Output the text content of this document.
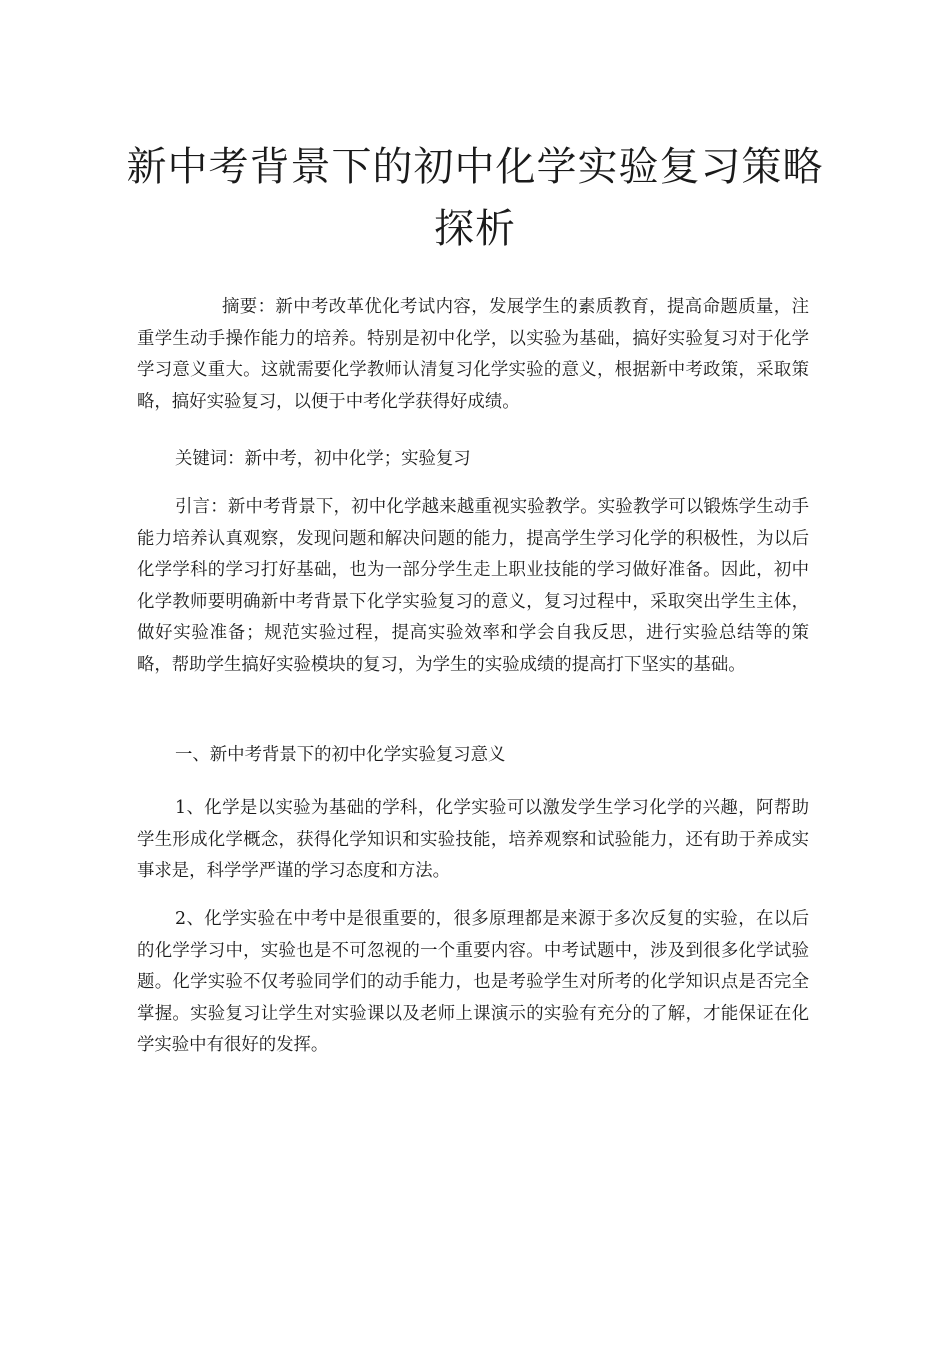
新中考背景下的初中化学实验复习策略探析

摘要：新中考改革优化考试内容，发展学生的素质教育，提高命题质量，注重学生动手操作能力的培养。特别是初中化学，以实验为基础，搞好实验复习对于化学学习意义重大。这就需要化学教师认清复习化学实验的意义，根据新中考政策，采取策略，搞好实验复习，以便于中考化学获得好成绩。

关键词：新中考，初中化学；实验复习

引言：新中考背景下，初中化学越来越重视实验教学。实验教学可以锻炼学生动手能力培养认真观察，发现问题和解决问题的能力，提高学生学习化学的积极性，为以后化学学科的学习打好基础，也为一部分学生走上职业技能的学习做好准备。因此，初中化学教师要明确新中考背景下化学实验复习的意义，复习过程中，采取突出学生主体，做好实验准备；规范实验过程，提高实验效率和学会自我反思，进行实验总结等的策略，帮助学生搞好实验模块的复习，为学生的实验成绩的提高打下坚实的基础。

一、新中考背景下的初中化学实验复习意义

1、化学是以实验为基础的学科，化学实验可以激发学生学习化学的兴趣，阿帮助学生形成化学概念，获得化学知识和实验技能，培养观察和试验能力，还有助于养成实事求是，科学学严谨的学习态度和方法。

2、化学实验在中考中是很重要的，很多原理都是来源于多次反复的实验，在以后的化学学习中，实验也是不可忽视的一个重要内容。中考试题中，涉及到很多化学试验题。化学实验不仅考验同学们的动手能力，也是考验学生对所考的化学知识点是否完全掌握。实验复习让学生对实验课以及老师上课演示的实验有充分的了解，才能保证在化学实验中有很好的发挥。
